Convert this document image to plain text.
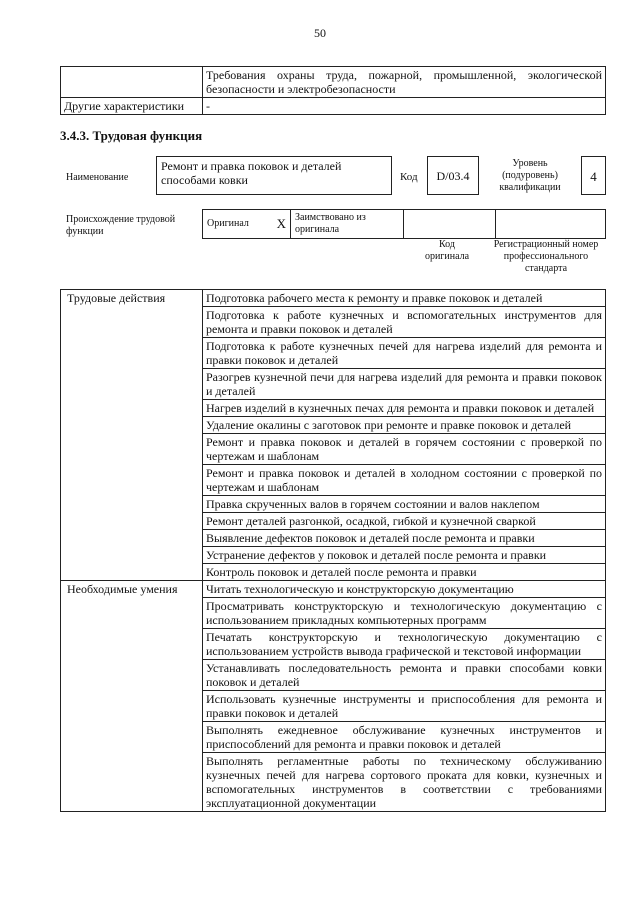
50
	Требования охраны труда, пожарной, промышленной, экологической безопасности и электробезопасности
Другие характеристики	-
3.4.3. Трудовая функция
Наименование
Ремонт и правка поковок и деталей способами ковки	Код	D/03.4
Уровень (подуровень) квалификации
4
Происхождение трудовой функции
Оригинал	X	Заимствовано из оригинала		
Код оригинала
Регистрационный номер профессионального стандарта
Трудовые действия	Подготовка рабочего места к ремонту и правке поковок и деталей
	Подготовка к работе кузнечных и вспомогательных инструментов для ремонта и правки поковок и деталей
	Подготовка к работе кузнечных печей для нагрева изделий для ремонта и правки поковок и деталей
	Разогрев кузнечной печи для нагрева изделий для ремонта и правки поковок и деталей
	Нагрев изделий в кузнечных печах для ремонта и правки поковок и деталей
	Удаление окалины с заготовок при ремонте и правке поковок и деталей
	Ремонт и правка поковок и деталей в горячем состоянии с проверкой по чертежам и шаблонам
	Ремонт и правка поковок и деталей в холодном состоянии с проверкой по чертежам и шаблонам
	Правка скрученных валов в горячем состоянии и валов наклепом
	Ремонт деталей разгонкой, осадкой, гибкой и кузнечной сваркой
	Выявление дефектов поковок и деталей после ремонта и правки
	Устранение дефектов у поковок и деталей после ремонта и правки
	Контроль поковок и деталей после ремонта и правки
Необходимые умения	Читать технологическую и конструкторскую документацию
	Просматривать конструкторскую и технологическую документацию с использованием прикладных компьютерных программ
	Печатать конструкторскую и технологическую документацию с использованием устройств вывода графической и текстовой информации
	Устанавливать последовательность ремонта и правки способами ковки поковок и деталей
	Использовать кузнечные инструменты и приспособления для ремонта и правки поковок и деталей
	Выполнять ежедневное обслуживание кузнечных инструментов и приспособлений для ремонта и правки поковок и деталей
	Выполнять регламентные работы по техническому обслуживанию кузнечных печей для нагрева сортового проката для ковки, кузнечных и вспомогательных инструментов в соответствии с требованиями эксплуатационной документации
